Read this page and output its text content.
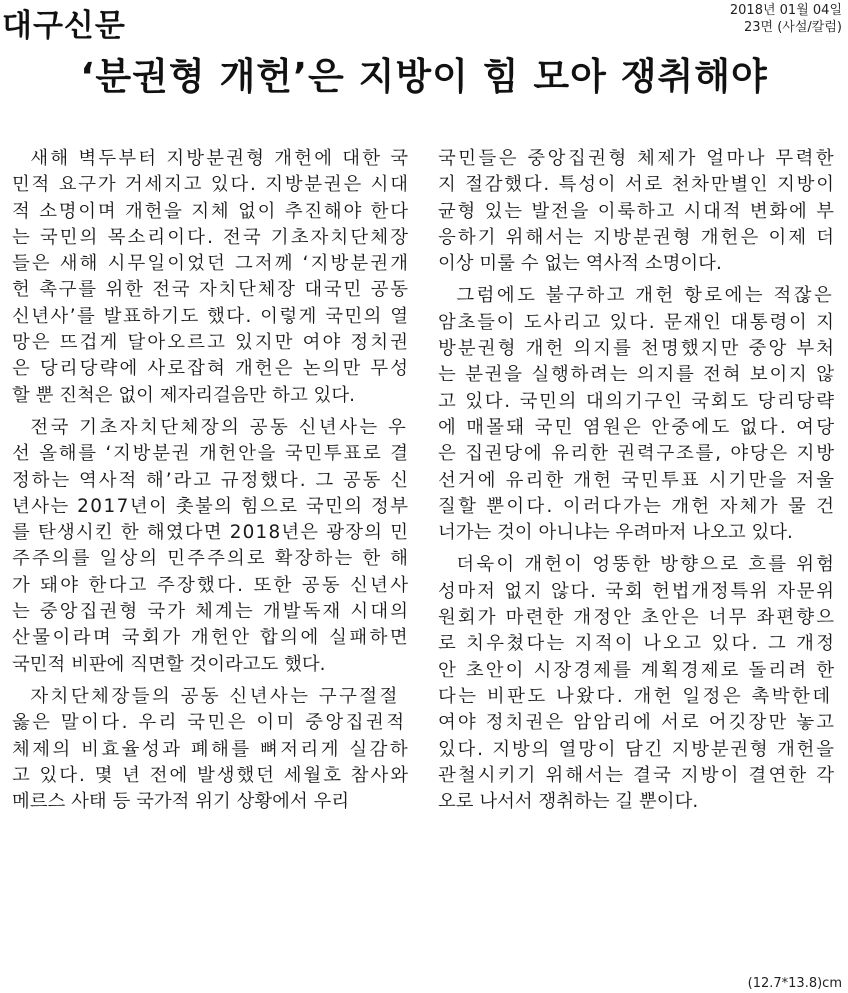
대구신문	2018년 01월 04일
23면 (사설/칼럼)
‘분권형 개헌’은 지방이 힘 모아 쟁취해야
새해 벽두부터 지방분권형 개헌에 대한 국
민적 요구가 거세지고 있다. 지방분권은 시대
적 소명이며 개헌을 지체 없이 추진해야 한다
는 국민의 목소리이다. 전국 기초자치단체장
들은 새해 시무일이었던 그저께 ‘지방분권개
헌 촉구를 위한 전국 자치단체장 대국민 공동
신년사’를 발표하기도 했다. 이렇게 국민의 열
망은 뜨겁게 달아오르고 있지만 여야 정치권
은 당리당략에 사로잡혀 개헌은 논의만 무성
할 뿐 진척은 없이 제자리걸음만 하고 있다.
전국 기초자치단체장의 공동 신년사는 우
선 올해를 ‘지방분권 개헌안을 국민투표로 결
정하는 역사적 해’라고 규정했다. 그 공동 신
년사는 2017년이 촛불의 힘으로 국민의 정부
를 탄생시킨 한 해였다면 2018년은 광장의 민
주주의를 일상의 민주주의로 확장하는 한 해
가 돼야 한다고 주장했다. 또한 공동 신년사
는 중앙집권형 국가 체계는 개발독재 시대의
산물이라며 국회가 개헌안 합의에 실패하면
국민적 비판에 직면할 것이라고도 했다.
자치단체장들의 공동 신년사는 구구절절
옳은 말이다. 우리 국민은 이미 중앙집권적
체제의 비효율성과 폐해를 뼈저리게 실감하
고 있다. 몇 년 전에 발생했던 세월호 참사와
메르스 사태 등 국가적 위기 상황에서 우리
국민들은 중앙집권형 체제가 얼마나 무력한
지 절감했다. 특성이 서로 천차만별인 지방이
균형 있는 발전을 이룩하고 시대적 변화에 부
응하기 위해서는 지방분권형 개헌은 이제 더
이상 미룰 수 없는 역사적 소명이다.
그럼에도 불구하고 개헌 항로에는 적잖은
암초들이 도사리고 있다. 문재인 대통령이 지
방분권형 개헌 의지를 천명했지만 중앙 부처
는 분권을 실행하려는 의지를 전혀 보이지 않
고 있다. 국민의 대의기구인 국회도 당리당략
에 매몰돼 국민 염원은 안중에도 없다. 여당
은 집권당에 유리한 권력구조를, 야당은 지방
선거에 유리한 개헌 국민투표 시기만을 저울
질할 뿐이다. 이러다가는 개헌 자체가 물 건
너가는 것이 아니냐는 우려마저 나오고 있다.
더욱이 개헌이 엉뚱한 방향으로 흐를 위험
성마저 없지 않다. 국회 헌법개정특위 자문위
원회가 마련한 개정안 초안은 너무 좌편향으
로 치우쳤다는 지적이 나오고 있다. 그 개정
안 초안이 시장경제를 계획경제로 돌리려 한
다는 비판도 나왔다. 개헌 일정은 촉박한데
여야 정치권은 암암리에 서로 어깃장만 놓고
있다. 지방의 열망이 담긴 지방분권형 개헌을
관철시키기 위해서는 결국 지방이 결연한 각
오로 나서서 쟁취하는 길 뿐이다.
(12.7*13.8)cm
